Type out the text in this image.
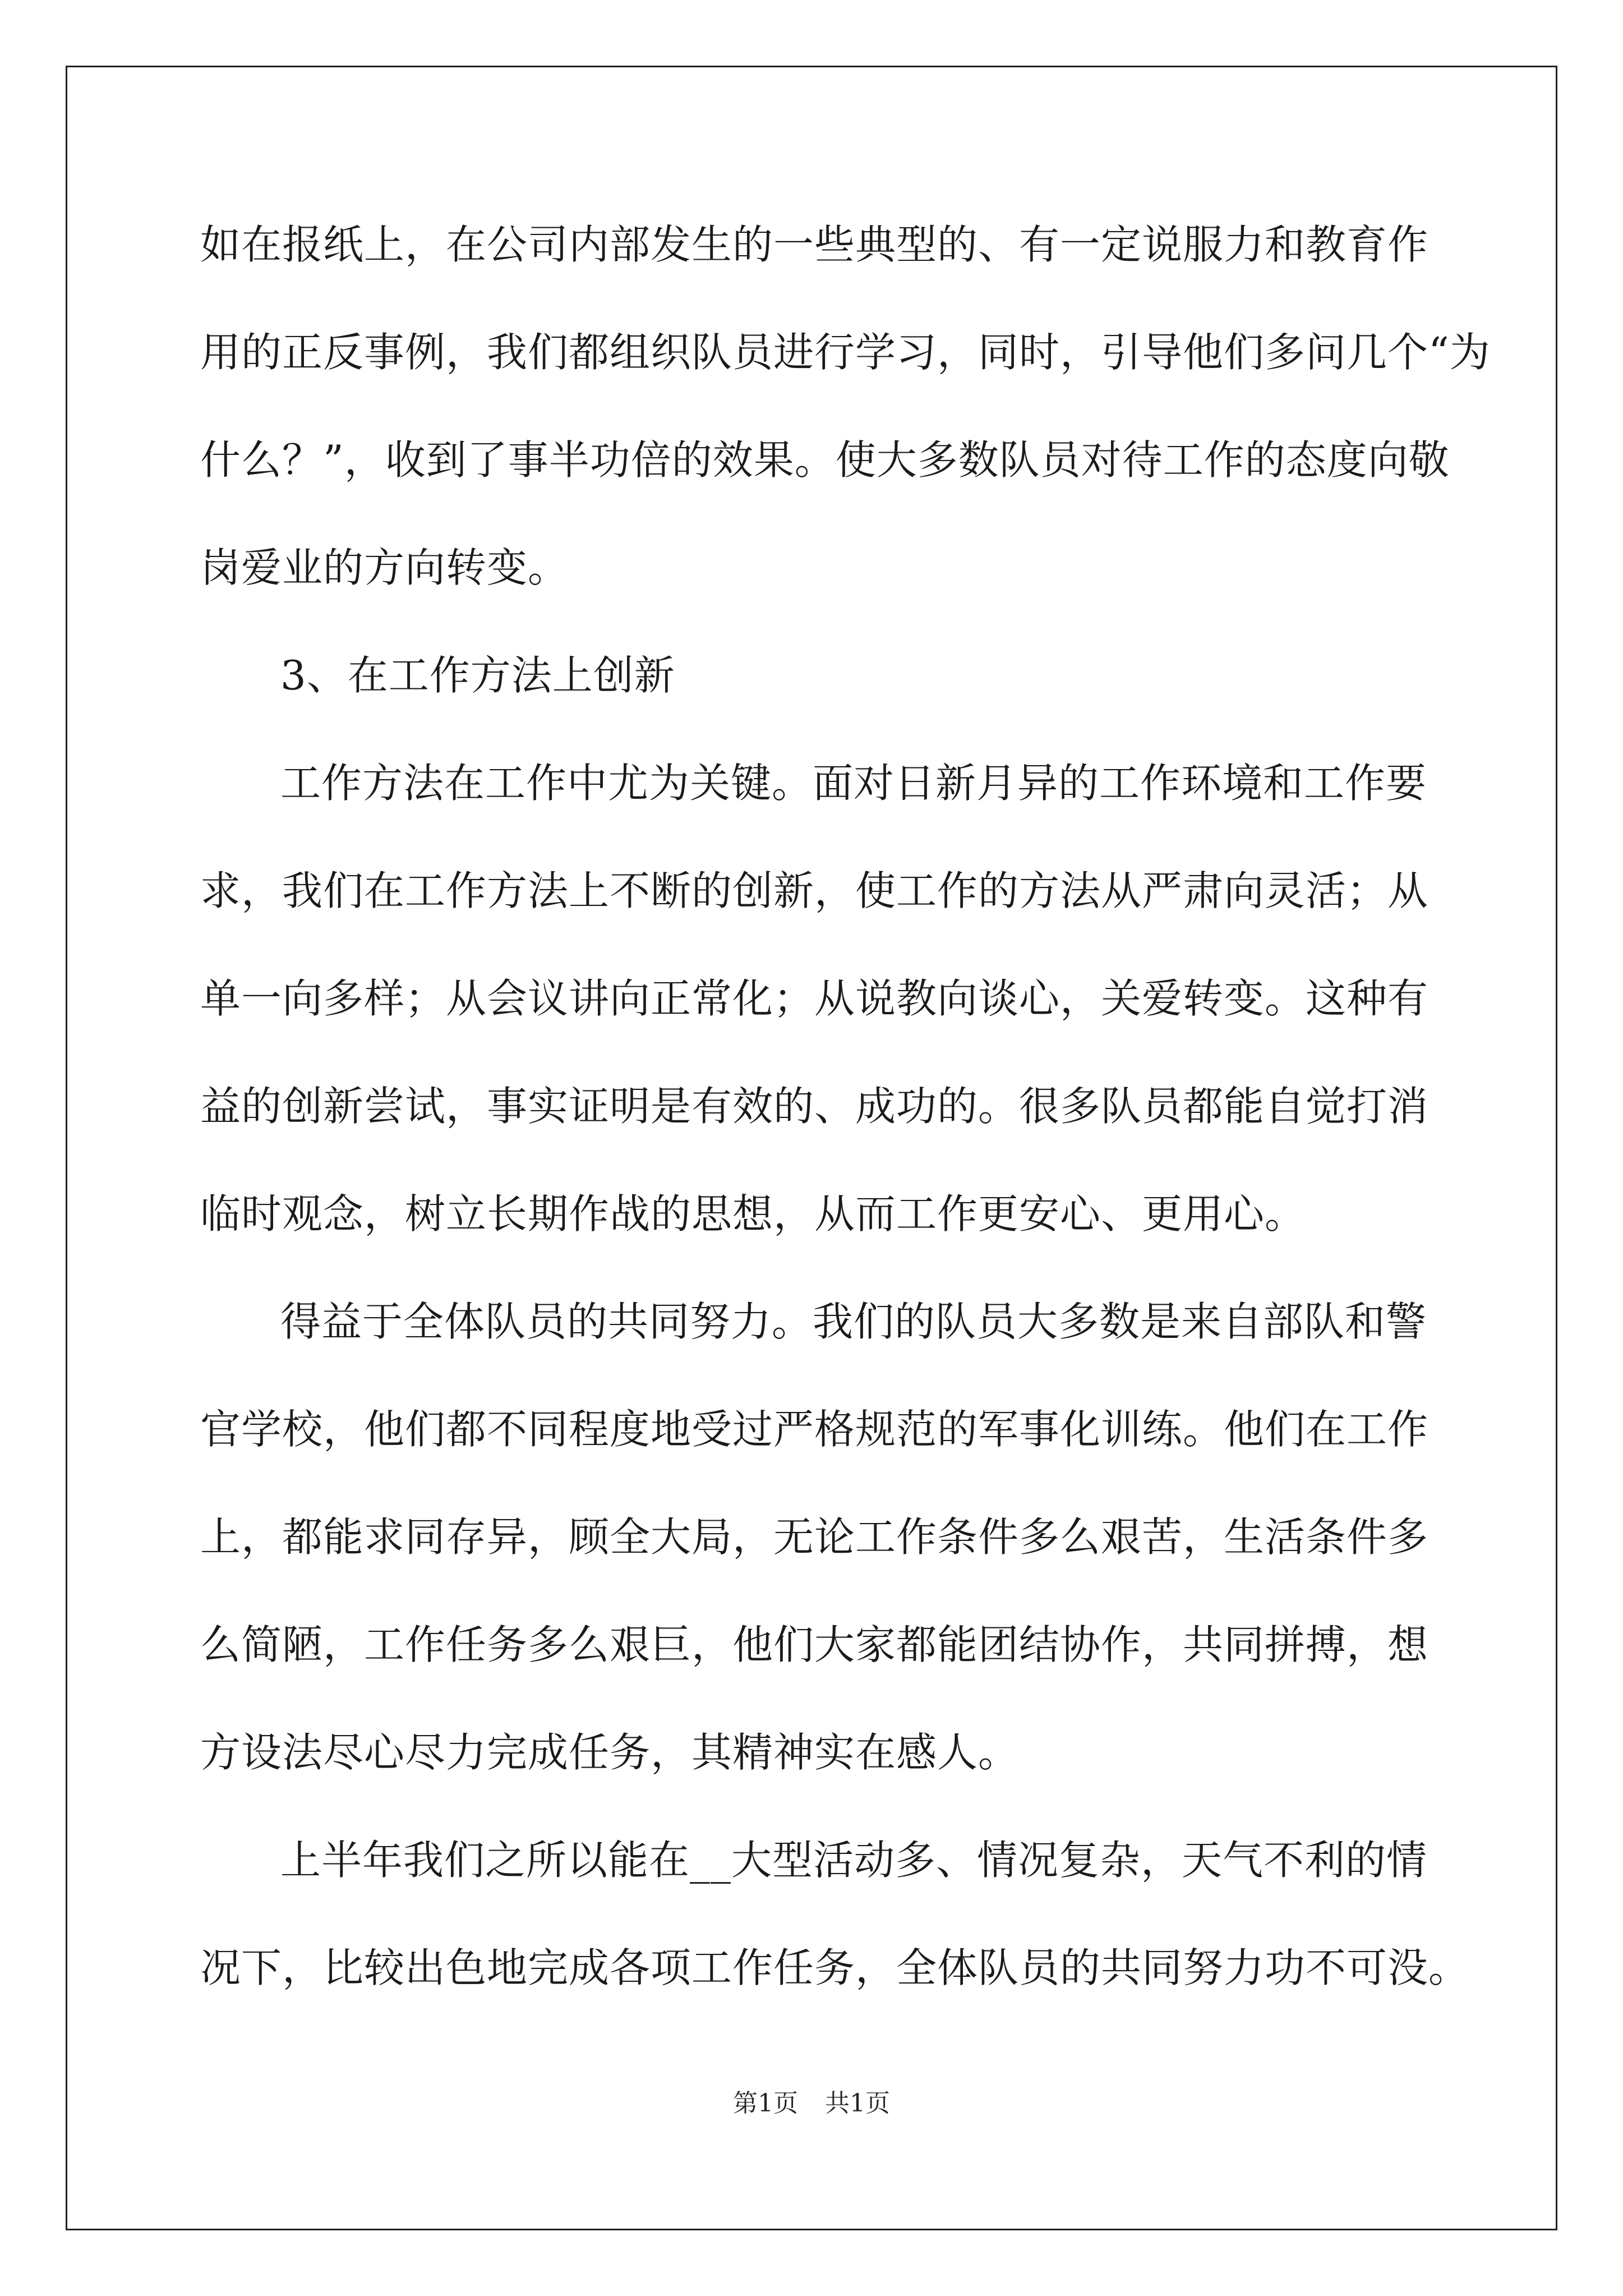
如在报纸上，在公司内部发生的一些典型的、有一定说服力和教育作
用的正反事例，我们都组织队员进行学习，同时，引导他们多问几个“为
什么？”，收到了事半功倍的效果。使大多数队员对待工作的态度向敬
岗爱业的方向转变。
3、在工作方法上创新
工作方法在工作中尤为关键。面对日新月异的工作环境和工作要
求，我们在工作方法上不断的创新，使工作的方法从严肃向灵活；从
单一向多样；从会议讲向正常化；从说教向谈心，关爱转变。这种有
益的创新尝试，事实证明是有效的、成功的。很多队员都能自觉打消
临时观念，树立长期作战的思想，从而工作更安心、更用心。
得益于全体队员的共同努力。我们的队员大多数是来自部队和警
官学校，他们都不同程度地受过严格规范的军事化训练。他们在工作
上，都能求同存异，顾全大局，无论工作条件多么艰苦，生活条件多
么简陋，工作任务多么艰巨，他们大家都能团结协作，共同拼搏，想
方设法尽心尽力完成任务，其精神实在感人。
上半年我们之所以能在__大型活动多、情况复杂，天气不利的情
况下，比较出色地完成各项工作任务，全体队员的共同努力功不可没。
第1页 共1页
